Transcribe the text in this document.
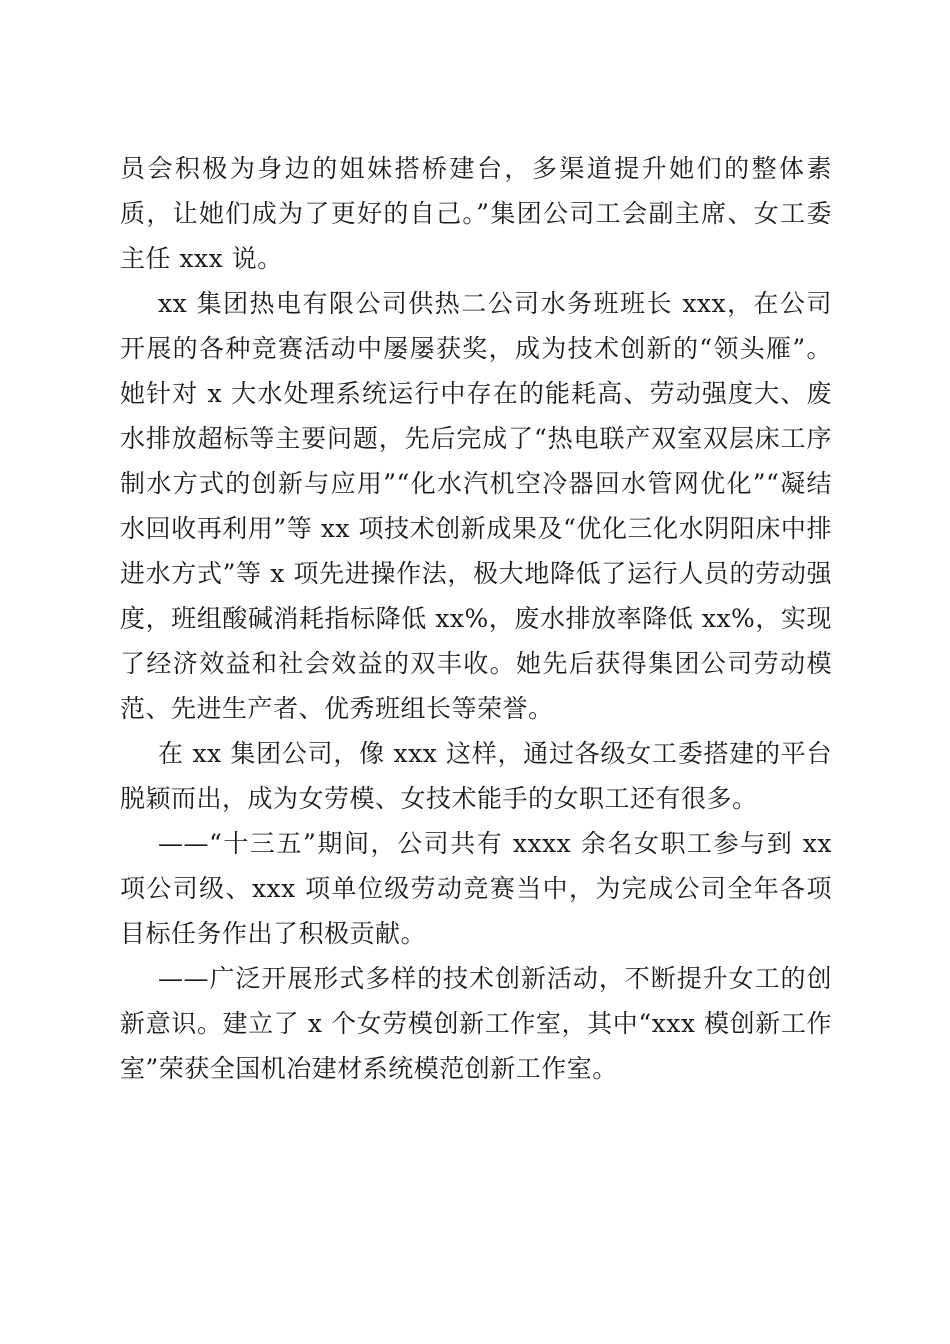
员会积极为身边的姐妹搭桥建台，多渠道提升她们的整体素质，让她们成为了更好的自己。”集团公司工会副主席、女工委主任 xxx 说。

xx 集团热电有限公司供热二公司水务班班长 xxx，在公司开展的各种竞赛活动中屡屡获奖，成为技术创新的“领头雁”。她针对 x 大水处理系统运行中存在的能耗高、劳动强度大、废水排放超标等主要问题，先后完成了“热电联产双室双层床工序制水方式的创新与应用”“化水汽机空冷器回水管网优化”“凝结水回收再利用”等 xx 项技术创新成果及“优化三化水阴阳床中排进水方式”等 x 项先进操作法，极大地降低了运行人员的劳动强度，班组酸碱消耗指标降低 xx%，废水排放率降低 xx%，实现了经济效益和社会效益的双丰收。她先后获得集团公司劳动模范、先进生产者、优秀班组长等荣誉。

在 xx 集团公司，像 xxx 这样，通过各级女工委搭建的平台脱颖而出，成为女劳模、女技术能手的女职工还有很多。

——“十三五”期间，公司共有 xxxx 余名女职工参与到 xx 项公司级、xxx 项单位级劳动竞赛当中，为完成公司全年各项目标任务作出了积极贡献。

——广泛开展形式多样的技术创新活动，不断提升女工的创新意识。建立了 x 个女劳模创新工作室，其中“xxx 模创新工作室”荣获全国机冶建材系统模范创新工作室。
